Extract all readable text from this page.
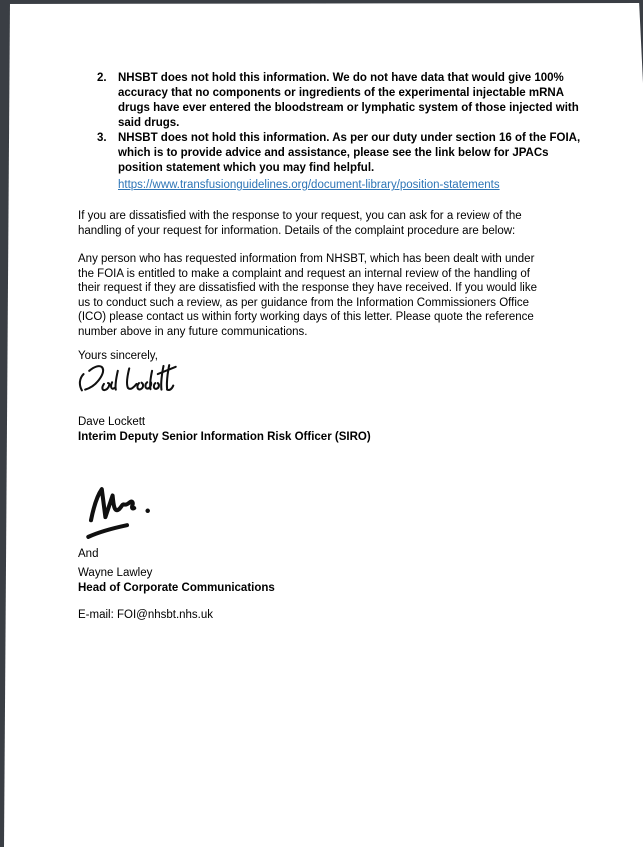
2. NHSBT does not hold this information. We do not have data that would give 100% accuracy that no components or ingredients of the experimental injectable mRNA drugs have ever entered the bloodstream or lymphatic system of those injected with said drugs.
3. NHSBT does not hold this information. As per our duty under section 16 of the FOIA, which is to provide advice and assistance, please see the link below for JPACs position statement which you may find helpful.
https://www.transfusionguidelines.org/document-library/position-statements
If you are dissatisfied with the response to your request, you can ask for a review of the handling of your request for information. Details of the complaint procedure are below:
Any person who has requested information from NHSBT, which has been dealt with under the FOIA is entitled to make a complaint and request an internal review of the handling of their request if they are dissatisfied with the response they have received. If you would like us to conduct such a review, as per guidance from the Information Commissioners Office (ICO) please contact us within forty working days of this letter. Please quote the reference number above in any future communications.
Yours sincerely,
Dave Lockett
Interim Deputy Senior Information Risk Officer (SIRO)
And
Wayne Lawley
Head of Corporate Communications
E-mail: FOI@nhsbt.nhs.uk
